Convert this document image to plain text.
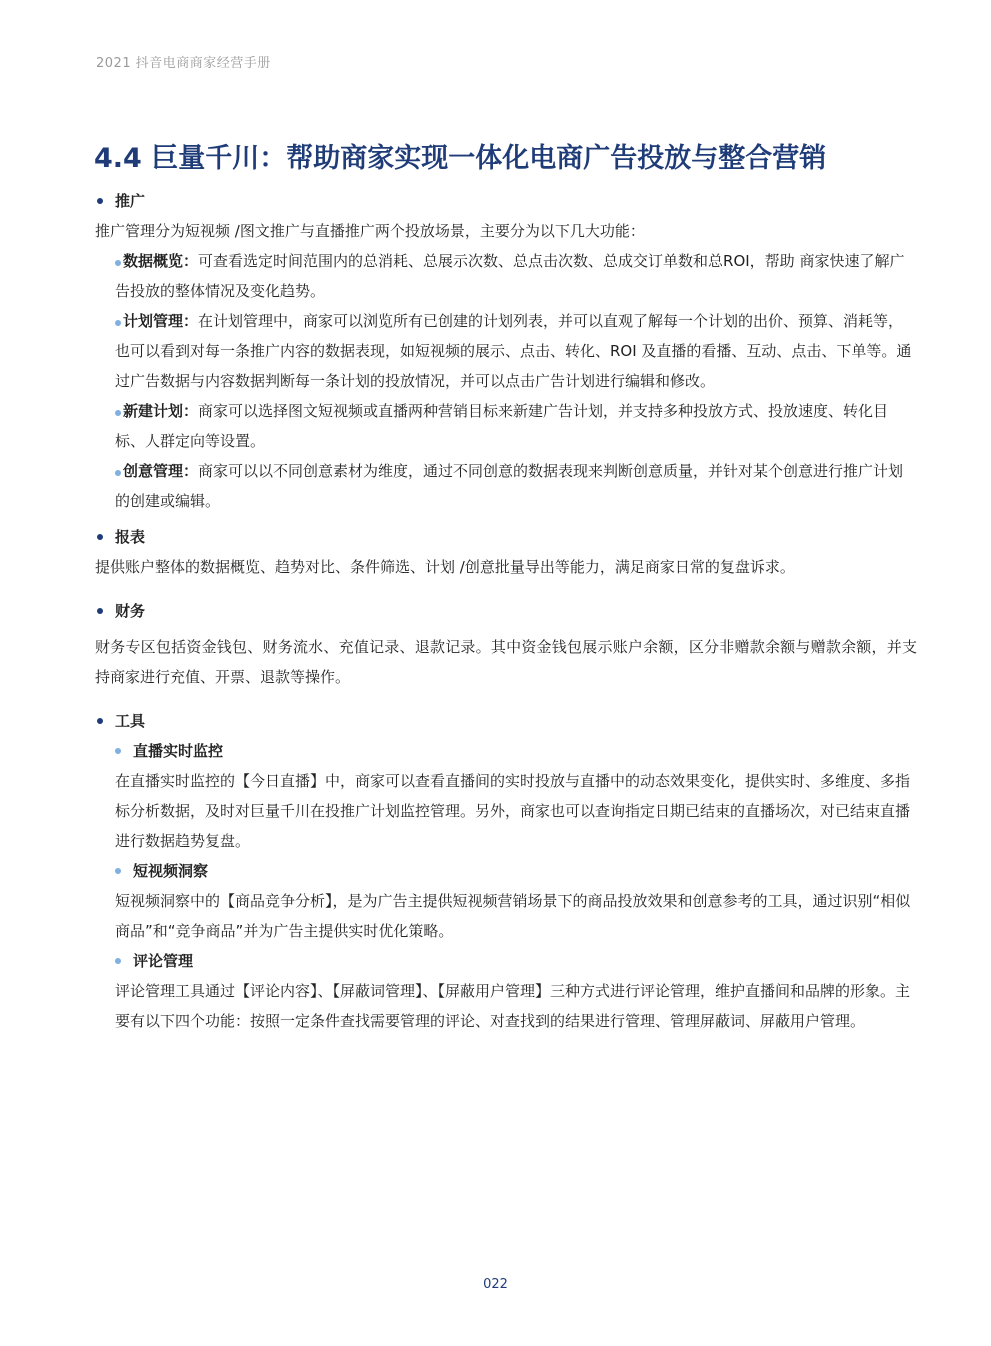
2021 抖音电商商家经营手册
4.4 巨量千川：帮助商家实现一体化电商广告投放与整合营销
推广

推广管理分为短视频 /图文推广与直播推广两个投放场景，主要分为以下几大功能：

数据概览：可查看选定时间范围内的总消耗、总展示次数、总点击次数、总成交订单数和总ROI，帮助 商家快速了解广告投放的整体情况及变化趋势。

计划管理：在计划管理中，商家可以浏览所有已创建的计划列表，并可以直观了解每一个计划的出价、预算、消耗等，也可以看到对每一条推广内容的数据表现，如短视频的展示、点击、转化、ROI 及直播的看播、互动、点击、下单等。通过广告数据与内容数据判断每一条计划的投放情况，并可以点击广告计划进行编辑和修改。

新建计划：商家可以选择图文短视频或直播两种营销目标来新建广告计划，并支持多种投放方式、投放速度、转化目标、人群定向等设置。

创意管理：商家可以以不同创意素材为维度，通过不同创意的数据表现来判断创意质量，并针对某个创意进行推广计划的创建或编辑。

报表

提供账户整体的数据概览、趋势对比、条件筛选、计划 /创意批量导出等能力，满足商家日常的复盘诉求。

财务

财务专区包括资金钱包、财务流水、充值记录、退款记录。其中资金钱包展示账户余额，区分非赠款余额与赠款余额，并支持商家进行充值、开票、退款等操作。

工具
直播实时监控

在直播实时监控的【今日直播】中，商家可以查看直播间的实时投放与直播中的动态效果变化，提供实时、多维度、多指标分析数据，及时对巨量千川在投推广计划监控管理。另外，商家也可以查询指定日期已结束的直播场次，对已结束直播进行数据趋势复盘。

短视频洞察

短视频洞察中的【商品竞争分析】，是为广告主提供短视频营销场景下的商品投放效果和创意参考的工具，通过识别“相似商品”和“竞争商品”并为广告主提供实时优化策略。

评论管理

评论管理工具通过【评论内容】、【屏蔽词管理】、【屏蔽用户管理】三种方式进行评论管理，维护直播间和品牌的形象。主要有以下四个功能：按照一定条件查找需要管理的评论、对查找到的结果进行管理、管理屏蔽词、屏蔽用户管理。

022
